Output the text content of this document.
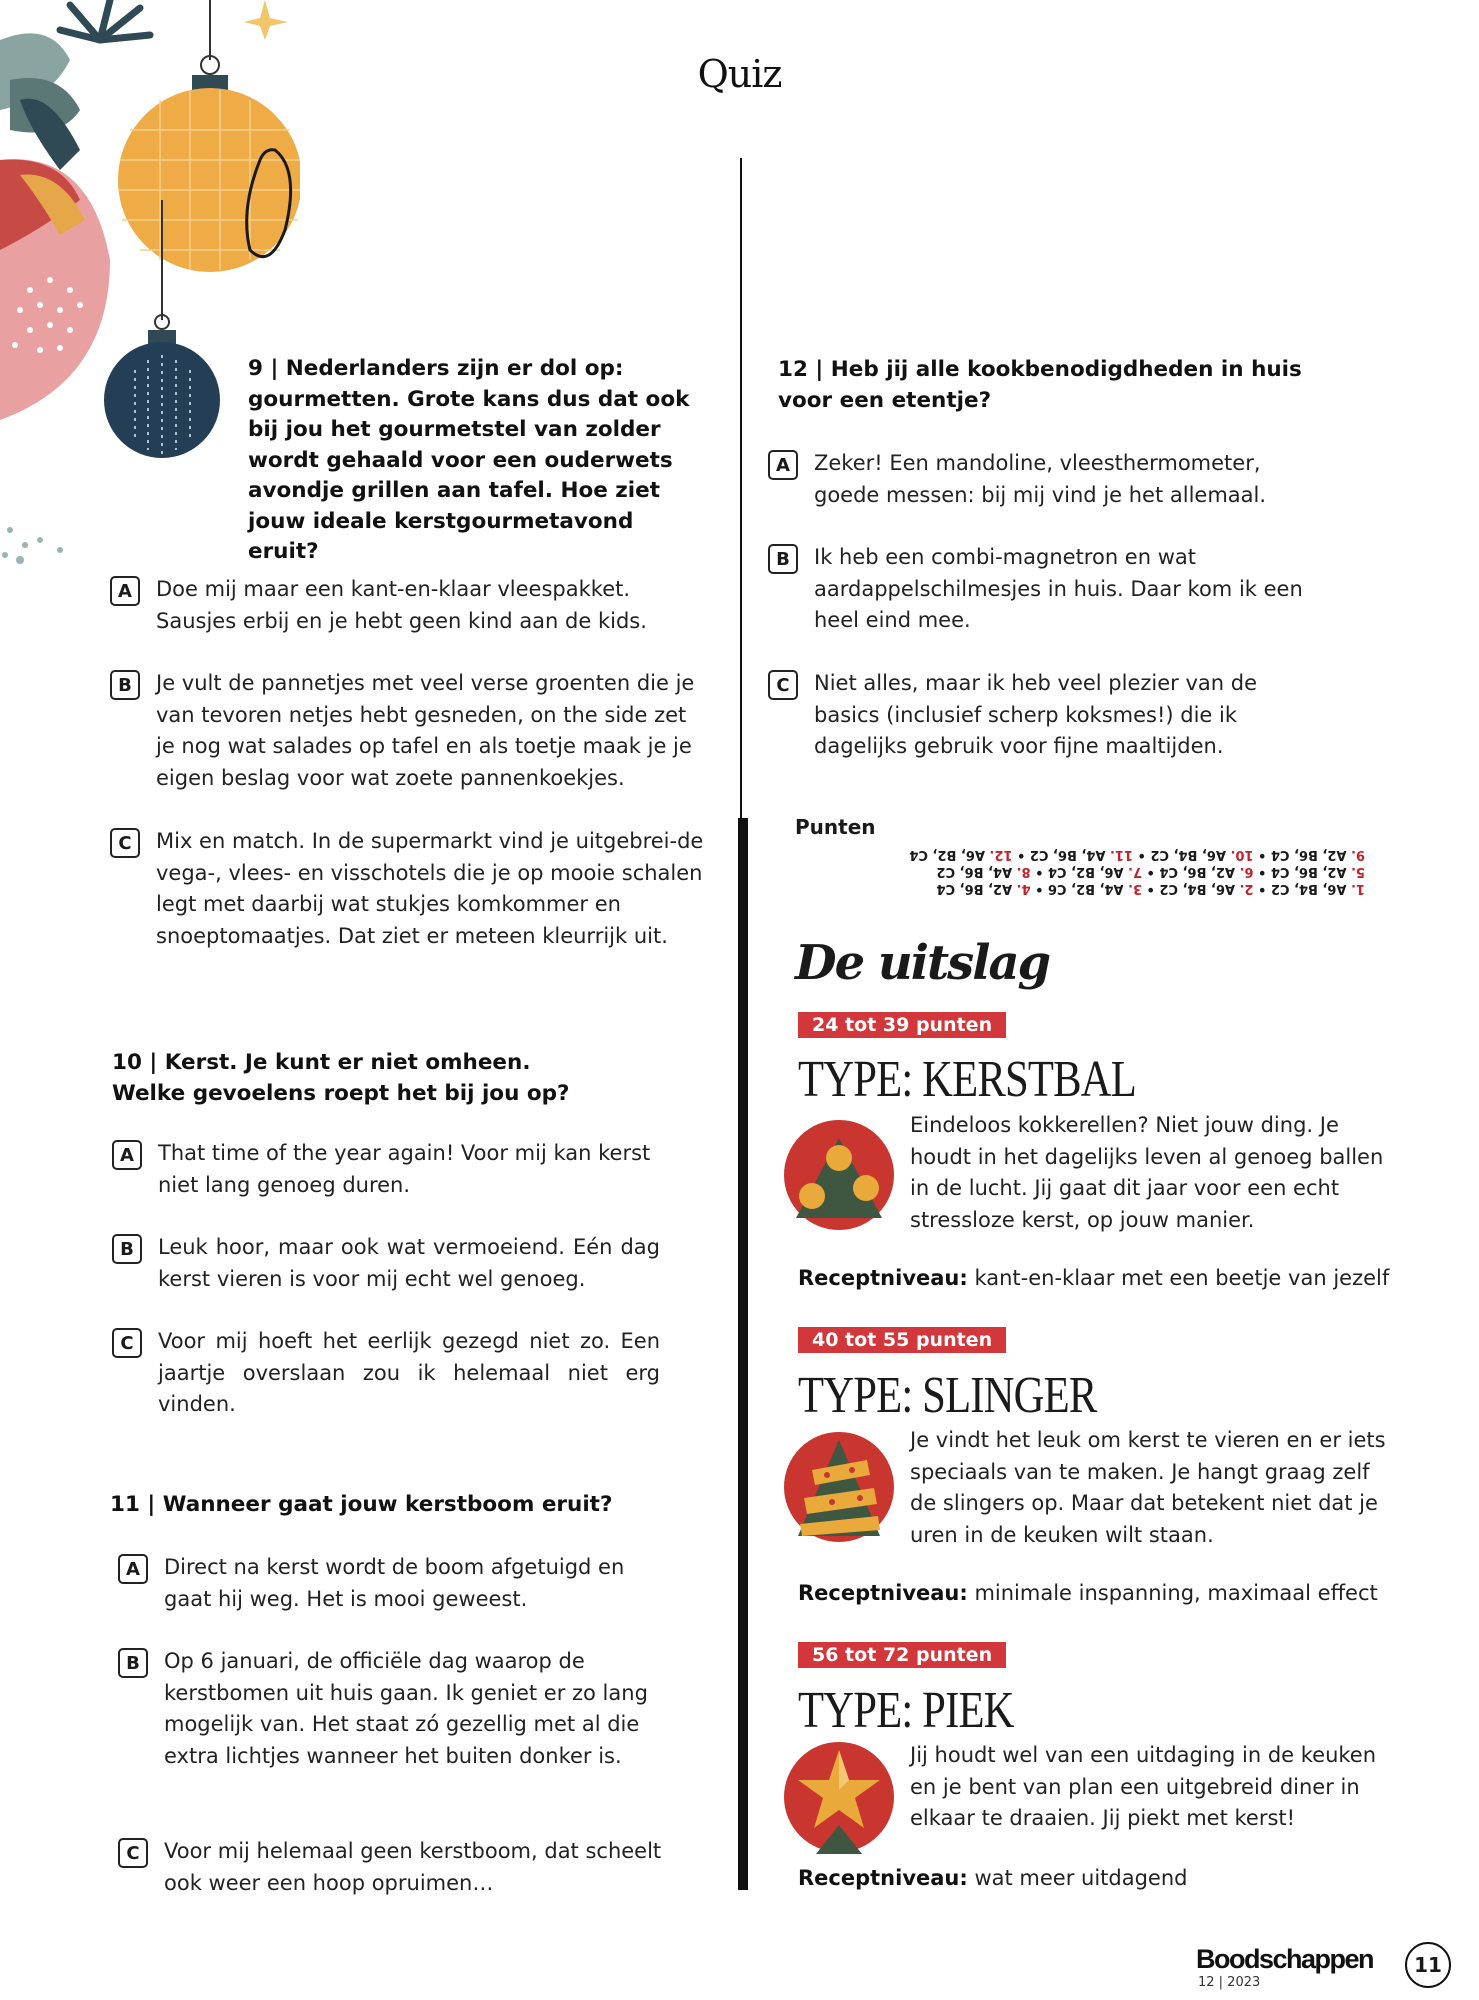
Quiz
9 | Nederlanders zijn er dol op: gourmetten. Grote kans dus dat ook bij jou het gourmetstel van zolder wordt gehaald voor een ouderwets avondje grillen aan tafel. Hoe ziet jouw ideale kerstgourmetavond eruit?
A	Doe mij maar een kant-en-klaar vleespakket. Sausjes erbij en je hebt geen kind aan de kids.
B	Je vult de pannetjes met veel verse groenten die je van tevoren netjes hebt gesneden, on the side zet je nog wat salades op tafel en als toetje maak je je eigen beslag voor wat zoete pannenkoekjes.
C	Mix en match. In de supermarkt vind je uitgebrei-de vega-, vlees- en visschotels die je op mooie schalen legt met daarbij wat stukjes komkommer en snoeptomaatjes. Dat ziet er meteen kleurrijk uit.
10 | Kerst. Je kunt er niet omheen.
Welke gevoelens roept het bij jou op?
A	That time of the year again! Voor mij kan kerst niet lang genoeg duren.
B	Leuk hoor, maar ook wat vermoeiend. Eén dag kerst vieren is voor mij echt wel genoeg.
C	Voor mij hoeft het eerlijk gezegd niet zo. Een jaartje overslaan zou ik helemaal niet erg vinden.
11 | Wanneer gaat jouw kerstboom eruit?
A	Direct na kerst wordt de boom afgetuigd en gaat hij weg. Het is mooi geweest.
B	Op 6 januari, de officiële dag waarop de kerstbomen uit huis gaan. Ik geniet er zo lang mogelijk van. Het staat zó gezellig met al die extra lichtjes wanneer het buiten donker is.
C	Voor mij helemaal geen kerstboom, dat scheelt ook weer een hoop opruimen…
12 | Heb jij alle kookbenodigdheden in huis voor een etentje?
A	Zeker! Een mandoline, vleesthermometer, goede messen: bij mij vind je het allemaal.
B	Ik heb een combi-magnetron en wat aardappelschilmesjes in huis. Daar kom ik een heel eind mee.
C	Niet alles, maar ik heb veel plezier van de basics (inclusief scherp koksmes!) die ik dagelijks gebruik voor fijne maaltijden.
Punten
1. A6, B4, C2 • 2. A6, B4, C2 • 3. A4, B2, C6 • 4. A2, B6, C4
5. A2, B6, C4 • 6. A2, B6, C4 • 7. A6, B2, C4 • 8. A4, B6, C2
9. A2, B6, C4 • 10. A6, B4, C2 • 11. A4, B6, C2 • 12. A6, B2, C4
De uitslag
24 tot 39 punten
TYPE: KERSTBAL
Eindeloos kokkerellen? Niet jouw ding. Je houdt in het dagelijks leven al genoeg ballen in de lucht. Jij gaat dit jaar voor een echt stressloze kerst, op jouw manier.
Receptniveau: kant-en-klaar met een beetje van jezelf
40 tot 55 punten
TYPE: SLINGER
Je vindt het leuk om kerst te vieren en er iets speciaals van te maken. Je hangt graag zelf de slingers op. Maar dat betekent niet dat je uren in de keuken wilt staan.
Receptniveau: minimale inspanning, maximaal effect
56 tot 72 punten
TYPE: PIEK
Jij houdt wel van een uitdaging in de keuken en je bent van plan een uitgebreid diner in elkaar te draaien. Jij piekt met kerst!
Receptniveau: wat meer uitdagend
Boodschappen
12 | 2023
11
